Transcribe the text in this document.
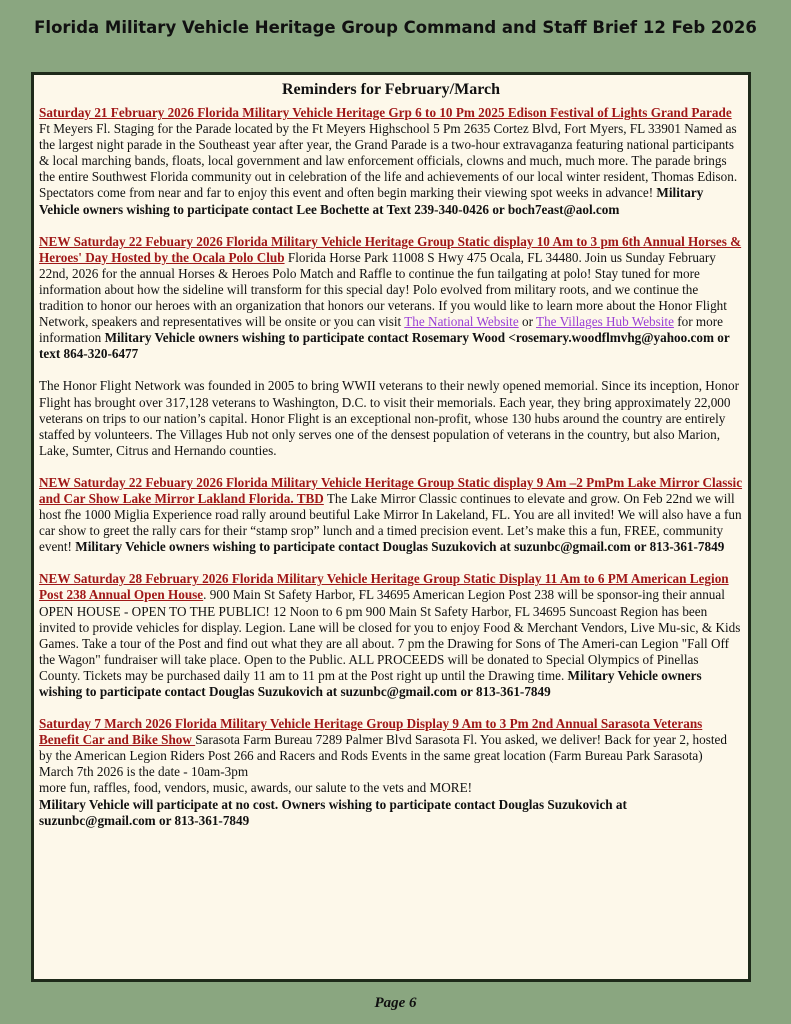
Florida Military Vehicle Heritage Group Command and Staff Brief 12 Feb 2026
Reminders for February/March
Saturday 21 February 2026 Florida Military Vehicle Heritage Grp 6 to 10 Pm 2025 Edison Festival of Lights Grand Parade Ft Meyers Fl. Staging for the Parade located by the Ft Meyers Highschool 5 Pm 2635 Cortez Blvd, Fort Myers, FL 33901 Named as the largest night parade in the Southeast year after year, the Grand Parade is a two-hour extravaganza featuring national participants & local marching bands, floats, local government and law enforcement officials, clowns and much, much more. The parade brings the entire Southwest Florida community out in celebration of the life and achievements of our local winter resident, Thomas Edison. Spectators come from near and far to enjoy this event and often begin marking their viewing spot weeks in advance! Military Vehicle owners wishing to participate contact Lee Bochette at Text 239-340-0426 or boch7east@aol.com
NEW Saturday 22 Febuary 2026 Florida Military Vehicle Heritage Group Static display 10 Am to 3 pm 6th Annual Horses & Heroes' Day Hosted by the Ocala Polo Club Florida Horse Park 11008 S Hwy 475 Ocala, FL 34480. Join us Sunday February 22nd, 2026 for the annual Horses & Heroes Polo Match and Raffle to continue the fun tailgating at polo! Stay tuned for more information about how the sideline will transform for this special day! Polo evolved from military roots, and we continue the tradition to honor our heroes with an organization that honors our veterans. If you would like to learn more about the Honor Flight Network, speakers and representatives will be onsite or you can visit The National Website or The Villages Hub Website for more information Military Vehicle owners wishing to participate contact Rosemary Wood <rosemary.woodflmvhg@yahoo.com or text 864-320-6477
The Honor Flight Network was founded in 2005 to bring WWII veterans to their newly opened memorial. Since its inception, Honor Flight has brought over 317,128 veterans to Washington, D.C. to visit their memorials. Each year, they bring approximately 22,000 veterans on trips to our nation’s capital. Honor Flight is an exceptional non-profit, whose 130 hubs around the country are entirely staffed by volunteers. The Villages Hub not only serves one of the densest population of veterans in the country, but also Marion, Lake, Sumter, Citrus and Hernando counties.
NEW Saturday 22 Febuary 2026 Florida Military Vehicle Heritage Group Static display 9 Am –2 PmPm Lake Mirror Classic and Car Show Lake Mirror Lakland Florida. TBD The Lake Mirror Classic continues to elevate and grow. On Feb 22nd we will host fhe 1000 Miglia Experience road rally around beutiful Lake Mirror In Lakeland, FL. You are all invited! We will also have a fun car show to greet the rally cars for their “stamp srop” lunch and a timed precision event. Let’s make this a fun, FREE, community event! Military Vehicle owners wishing to participate contact Douglas Suzukovich at suzunbc@gmail.com or 813-361-7849
NEW Saturday 28 February 2026 Florida Military Vehicle Heritage Group Static Display 11 Am to 6 PM American Legion Post 238 Annual Open House. 900 Main St Safety Harbor, FL 34695 American Legion Post 238 will be sponsor-ing their annual OPEN HOUSE - OPEN TO THE PUBLIC! 12 Noon to 6 pm 900 Main St Safety Harbor, FL 34695 Suncoast Region has been invited to provide vehicles for display. Legion. Lane will be closed for you to enjoy Food & Merchant Vendors, Live Mu-sic, & Kids Games. Take a tour of the Post and find out what they are all about. 7 pm the Drawing for Sons of The Ameri-can Legion "Fall Off the Wagon" fundraiser will take place. Open to the Public. ALL PROCEEDS will be donated to Special Olympics of Pinellas County. Tickets may be purchased daily 11 am to 11 pm at the Post right up until the Drawing time. Military Vehicle owners wishing to participate contact Douglas Suzukovich at suzunbc@gmail.com or 813-361-7849
Saturday 7 March 2026 Florida Military Vehicle Heritage Group Display 9 Am to 3 Pm 2nd Annual Sarasota Veterans Benefit Car and Bike Show Sarasota Farm Bureau 7289 Palmer Blvd Sarasota Fl. You asked, we deliver! Back for year 2, hosted by the American Legion Riders Post 266 and Racers and Rods Events in the same great location (Farm Bureau Park Sarasota)
March 7th 2026 is the date - 10am-3pm
more fun, raffles, food, vendors, music, awards, our salute to the vets and MORE!
Military Vehicle will participate at no cost. Owners wishing to participate contact Douglas Suzukovich at suzunbc@gmail.com or 813-361-7849
Page 6
